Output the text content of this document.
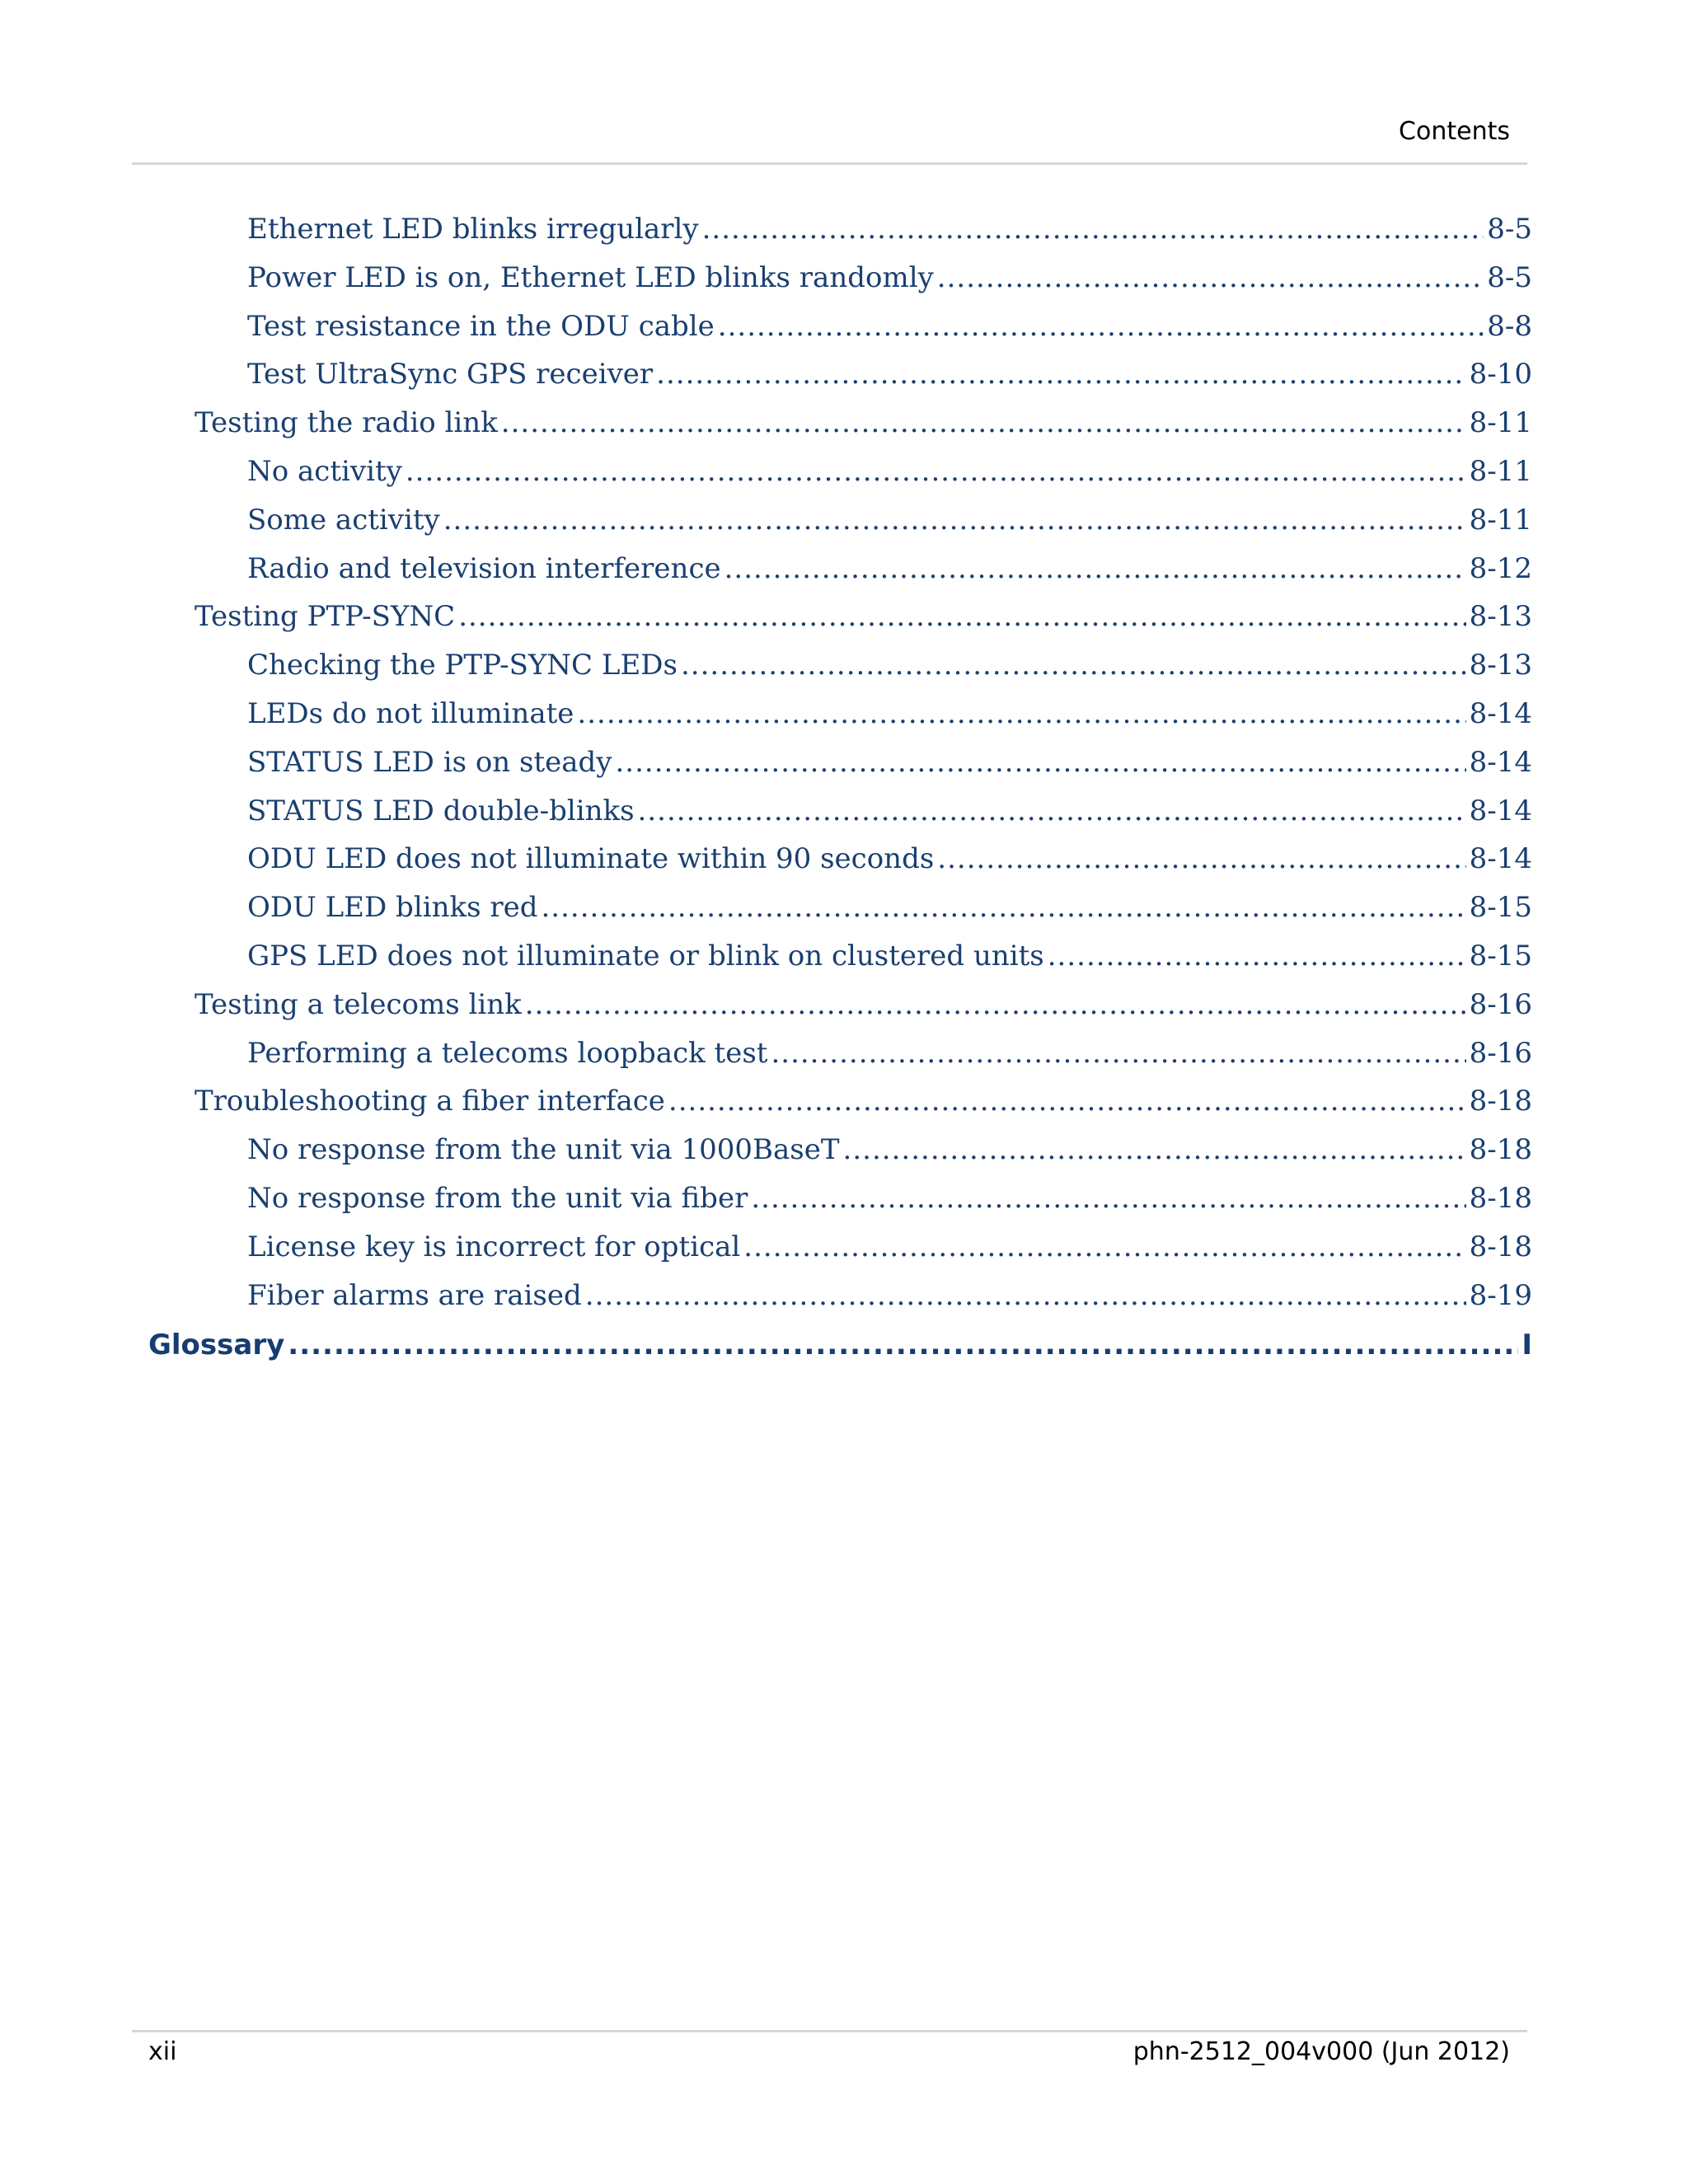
Contents
Ethernet LED blinks irregularly .....	8-5
Power LED is on, Ethernet LED blinks randomly .....	8-5
Test resistance in the ODU cable .....	8-8
Test UltraSync GPS receiver .....	8-10
Testing the radio link .....	8-11
No activity .....	8-11
Some activity .....	8-11
Radio and television interference .....	8-12
Testing PTP-SYNC .....	8-13
Checking the PTP-SYNC LEDs .....	8-13
LEDs do not illuminate .....	8-14
STATUS LED is on steady .....	8-14
STATUS LED double-blinks .....	8-14
ODU LED does not illuminate within 90 seconds .....	8-14
ODU LED blinks red .....	8-15
GPS LED does not illuminate or blink on clustered units .....	8-15
Testing a telecoms link .....	8-16
Performing a telecoms loopback test .....	8-16
Troubleshooting a fiber interface .....	8-18
No response from the unit via 1000BaseT .....	8-18
No response from the unit via fiber .....	8-18
License key is incorrect for optical .....	8-18
Fiber alarms are raised .....	8-19
Glossary .....	I
xii	phn-2512_004v000 (Jun 2012)
